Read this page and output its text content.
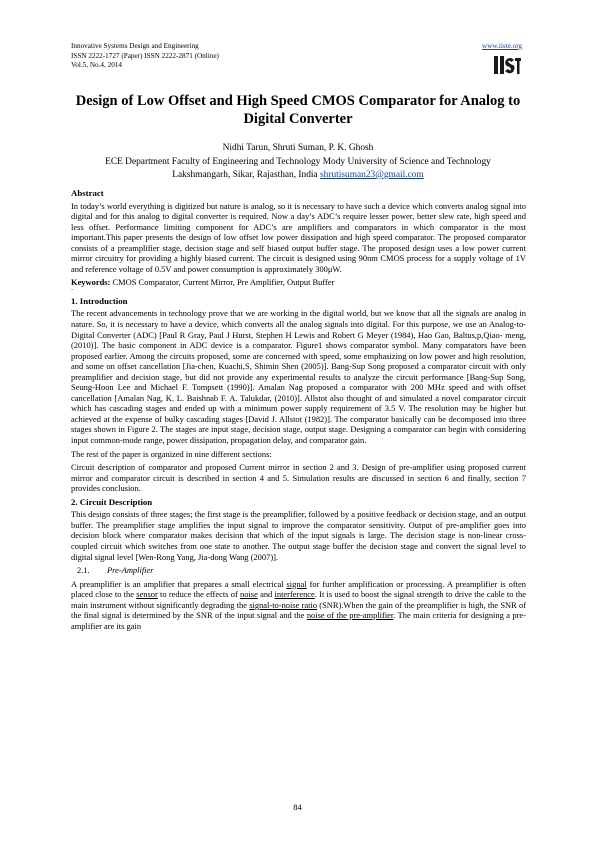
Innovative Systems Design and Engineering
ISSN 2222-1727 (Paper) ISSN 2222-2871 (Online)
Vol.5, No.4, 2014
www.iiste.org
Design of Low Offset and High Speed CMOS Comparator for Analog to Digital Converter
Nidhi Tarun, Shruti Suman, P. K. Ghosh
ECE Department Faculty of Engineering and Technology Mody University of Science and Technology
Lakshmangarh, Sikar, Rajasthan, India shrutisuman23@gmail.com
Abstract

In today’s world everything is digitized but nature is analog, so it is necessary to have such a device which converts analog signal into digital and for this analog to digital converter is required. Now a day’s ADC’s require lesser power, better slew rate, high speed and less offset. Performance limiting component for ADC’s are amplifiers and comparators in which comparator is the most important.This paper presents the design of low offset low power dissipation and high speed comparator. The proposed comparator consists of a preamplifier stage, decision stage and self biased output buffer stage. The proposed design uses a low power current mirror circuitry for providing a highly biased current. The circuit is designed using 90nm CMOS process for a supply voltage of 1V and reference voltage of 0.5V and power consumption is approximately 300μW.

Keywords: CMOS Comparator, Current Mirror, Pre Amplifier, Output Buffer

`
1. Introduction

The recent advancements in technology prove that we are working in the digital world, but we know that all the signals are analog in nature. So, it is necessary to have a device, which converts all the analog signals into digital. For this purpose, we use an Analog-to-Digital Converter (ADC) [Paul R Gray, Paul J Hurst, Stephen H Lewis and Robert G Meyer (1984), Hao Gao, Baltus,p,Qiao- meng, (2010)]. The basic component in ADC device is a comparator. Figure1 shows comparator symbol. Many comparators have been proposed earlier. Among the circuits proposed, some are concerned with speed, some emphasizing on low power and high resolution, and some on offset cancellation [Jia-chen, Kuachi,S, Shimin Shen (2005)]. Bang-Sup Song proposed a comparator circuit with only preamplifier and decision stage, but did not provide any experimental results to analyze the circuit performance [Bang-Sup Song, Seung-Hoon Lee and Michael F. Tompsett (1990)]. Amalan Nag proposed a comparator with 200 MHz speed and with offset cancellation [Amalan Nag, K. L. Baishnab F. A. Talukdar, (2010)]. Allstot also thought of and simulated a novel comparator circuit which has cascading stages and ended up with a minimum power supply requirement of 3.5 V. The resolution may be higher but achieved at the expense of bulky cascading stages [David J. Allstot (1982)]. The comparator basically can be decomposed into three stages shown in Figure 2. The stages are input stage, decision stage, output stage. Designing a comparator can begin with considering input common-mode range, power dissipation, propagation delay, and comparator gain.

The rest of the paper is organized in nine different sections:

Circuit description of comparator and proposed Current mirror in section 2 and 3. Design of pre-amplifier using proposed current mirror and comparator circuit is described in section 4 and 5. Simulation results are discussed in section 6 and finally, section 7 provides conclusion.

2. Circuit Description

This design consists of three stages; the first stage is the preamplifier, followed by a positive feedback or decision stage, and an output buffer. The preamplifier stage amplifies the input signal to improve the comparator sensitivity. Output of pre-amplifier goes into decision block where comparator makes decision that which of the input signals is large. The decision stage is non-linear cross-coupled circuit which switches from one state to another. The output stage buffer the decision stage and convert the signal level to digital signal level [Wen-Rong Yang, Jia-dong Wang (2007)].

2.1. Pre-Amplifier

A preamplifier is an amplifier that prepares a small electrical signal for further amplification or processing. A preamplifier is often placed close to the sensor to reduce the effects of noise and interference. It is used to boost the signal strength to drive the cable to the main instrument without significantly degrading the signal-to-noise ratio (SNR).When the gain of the preamplifier is high, the SNR of the final signal is determined by the SNR of the input signal and the noise of the pre-amplifier. The main criteria for designing a pre-amplifier are its gain

84
